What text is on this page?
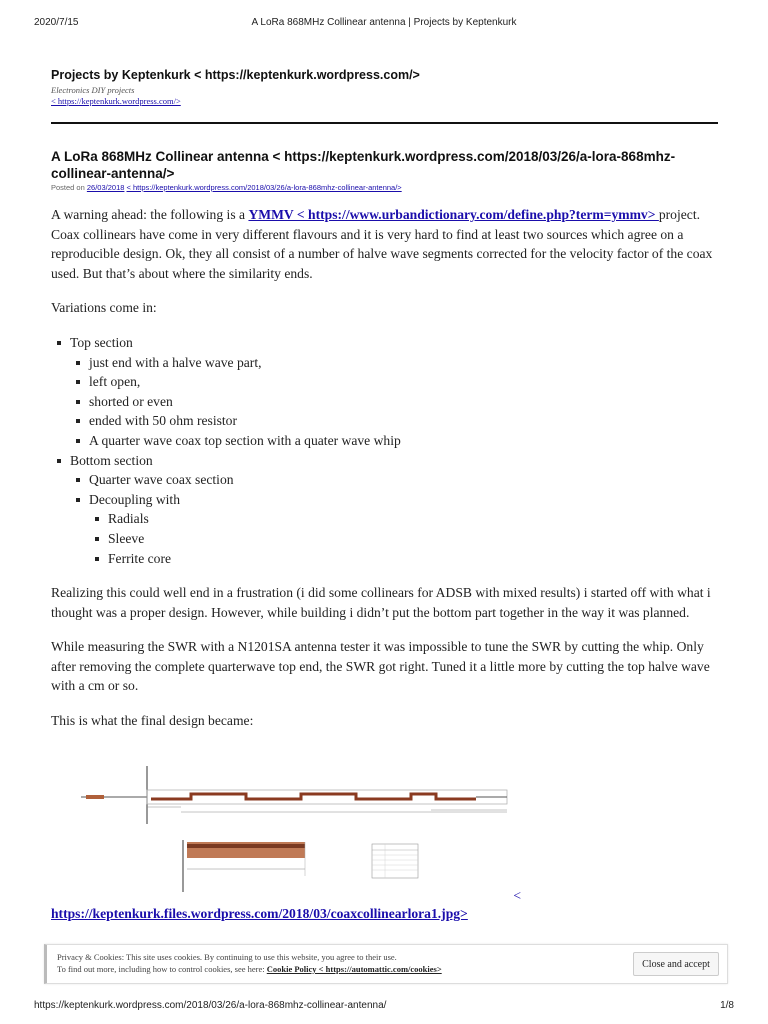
2020/7/15	A LoRa 868MHz Collinear antenna | Projects by Keptenkurk
Projects by Keptenkurk < https://keptenkurk.wordpress.com/>
Electronics DIY projects
< https://keptenkurk.wordpress.com/>
A LoRa 868MHz Collinear antenna < https://keptenkurk.wordpress.com/2018/03/26/a-lora-868mhz-collinear-antenna/>
Posted on 26/03/2018 < https://keptenkurk.wordpress.com/2018/03/26/a-lora-868mhz-collinear-antenna/>

A warning ahead: the following is a YMMV < https://www.urbandictionary.com/define.php?term=ymmv> project. Coax collinears have come in very different flavours and it is very hard to find at least two sources which agree on a reproducible design. Ok, they all consist of a number of halve wave segments corrected for the velocity factor of the coax used. But that’s about where the similarity ends.

Variations come in:

Top section
just end with a halve wave part,
left open,
shorted or even
ended with 50 ohm resistor
A quarter wave coax top section with a quater wave whip
Bottom section
Quarter wave coax section
Decoupling with
Radials
Sleeve
Ferrite core

Realizing this could well end in a frustration (i did some collinears for ADSB with mixed results) i started off with what i thought was a proper design. However, while building i didn’t put the bottom part together in the way it was planned.

While measuring the SWR with a N1201SA antenna tester it was impossible to tune the SWR by cutting the whip. Only after removing the complete quarterwave top end, the SWR got right. Tuned it a little more by cutting the top halve wave with a cm or so.

This is what the final design became:

<
https://keptenkurk.files.wordpress.com/2018/03/coaxcollinearlora1.jpg>
Privacy & Cookies: This site uses cookies. By continuing to use this website, you agree to their use.
To find out more, including how to control cookies, see here: Cookie Policy < https://automattic.com/cookies>	Close and accept
https://keptenkurk.wordpress.com/2018/03/26/a-lora-868mhz-collinear-antenna/	1/8
